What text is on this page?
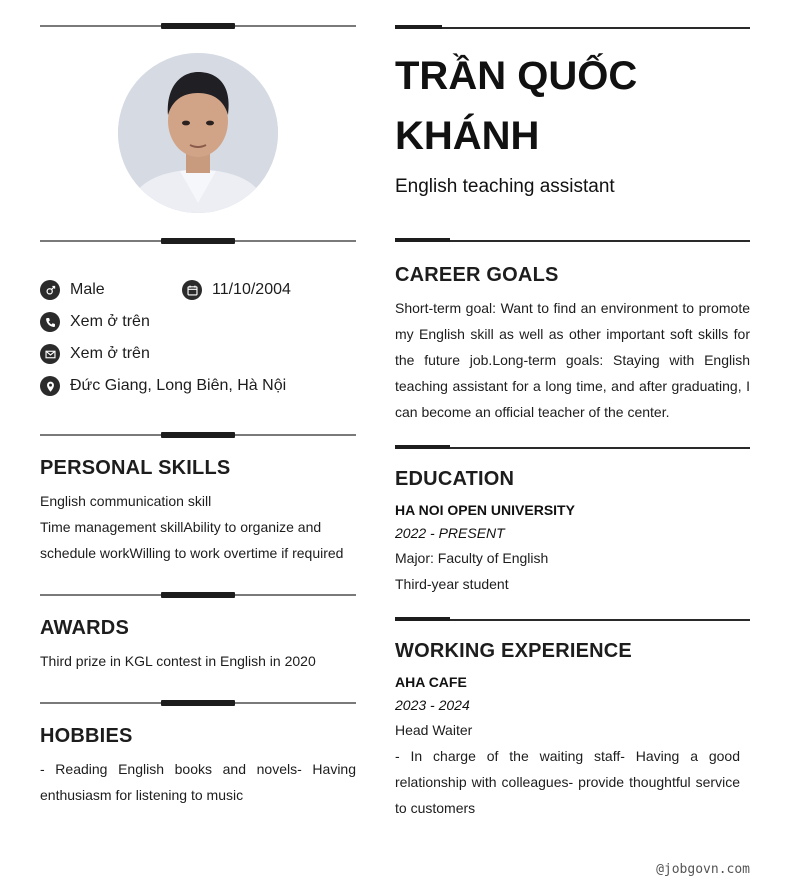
Male	11/10/2004
Xem ở trên
Xem ở trên
Đức Giang, Long Biên, Hà Nội
PERSONAL SKILLS
English communication skill
Time management skillAbility to organize and schedule workWilling to work overtime if required
AWARDS
Third prize in KGL contest in English in 2020
HOBBIES
- Reading English books and novels- Having enthusiasm for listening to music
TRẦN QUỐC KHÁNH
English teaching assistant
CAREER GOALS
Short-term goal: Want to find an environment to promote my English skill as well as other important soft skills for the future job.Long-term goals: Staying with English teaching assistant for a long time, and after graduating, I can become an official teacher of the center.
EDUCATION
HA NOI OPEN UNIVERSITY
2022 - PRESENT
Major: Faculty of English
Third-year student
WORKING EXPERIENCE
AHA CAFE
2023 - 2024
Head Waiter
- In charge of the waiting staff- Having a good relationship with colleagues- provide thoughtful service to customers
@jobgovn.com
